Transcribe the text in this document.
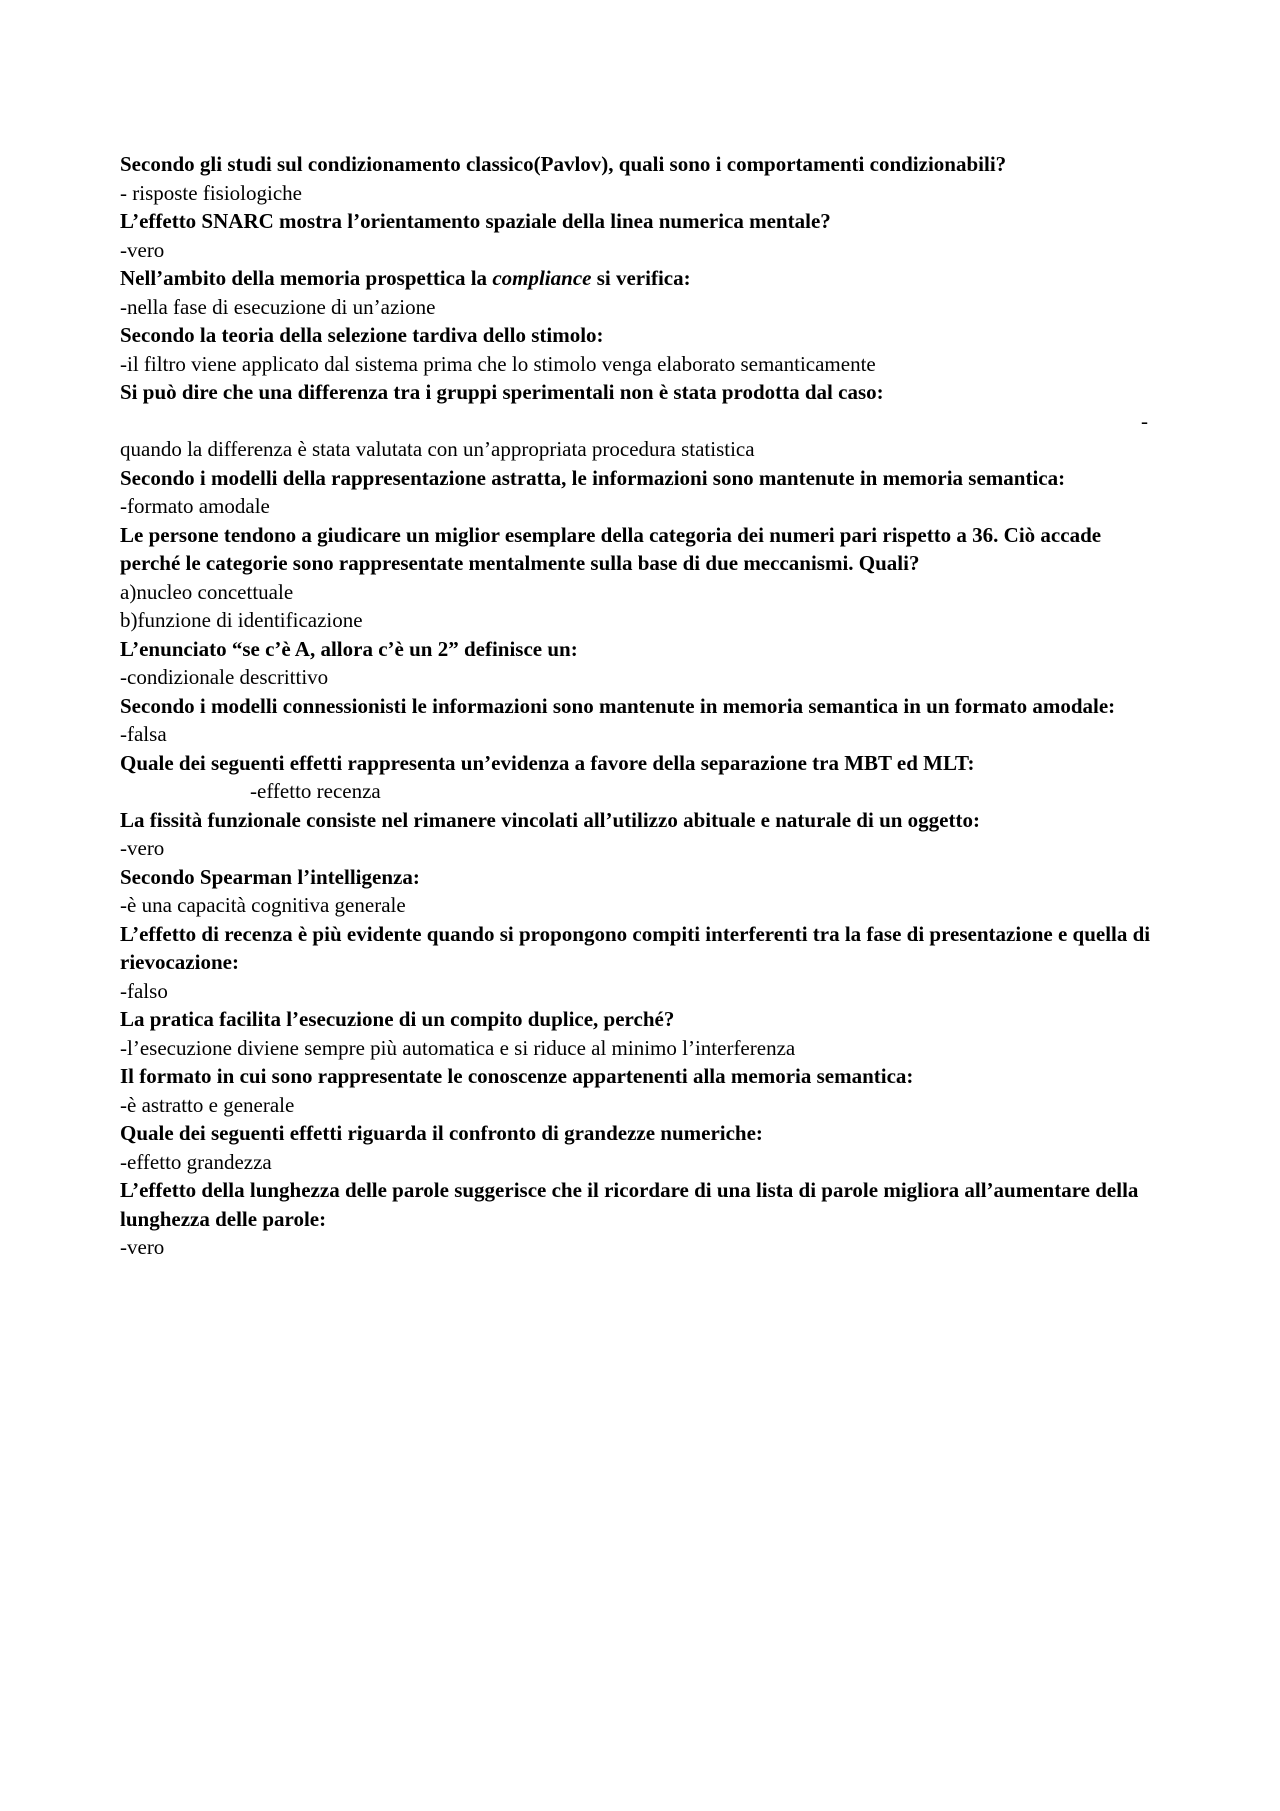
Secondo gli studi sul condizionamento classico(Pavlov), quali sono i comportamenti condizionabili?

- risposte fisiologiche

L’effetto SNARC mostra l’orientamento spaziale della linea numerica mentale?

-vero

Nell’ambito della memoria prospettica la compliance si verifica:

-nella fase di esecuzione di un’azione

Secondo la teoria della selezione tardiva dello stimolo:

-il filtro viene applicato dal sistema prima che lo stimolo venga elaborato semanticamente

Si può dire che una differenza tra i gruppi sperimentali non è stata prodotta dal caso:

-

quando la differenza è stata valutata con un’appropriata procedura statistica

Secondo i modelli della rappresentazione astratta, le informazioni sono mantenute in memoria semantica:

-formato amodale

Le persone tendono a giudicare un miglior esemplare della categoria dei numeri pari rispetto a 36. Ciò accade perché le categorie sono rappresentate mentalmente sulla base di due meccanismi. Quali?

a)nucleo concettuale

b)funzione di identificazione

L’enunciato “se c’è A, allora c’è un 2” definisce un:

-condizionale descrittivo

Secondo i modelli connessionisti le informazioni sono mantenute in memoria semantica in un formato amodale:

-falsa

Quale dei seguenti effetti rappresenta un’evidenza a favore della separazione tra MBT ed MLT:

-effetto recenza

La fissità funzionale consiste nel rimanere vincolati all’utilizzo abituale e naturale di un oggetto:

-vero

Secondo Spearman l’intelligenza:

-è una capacità cognitiva generale

L’effetto di recenza è più evidente quando si propongono compiti interferenti tra la fase di presentazione e quella di rievocazione:

-falso

La pratica facilita l’esecuzione di un compito duplice, perché?

-l’esecuzione diviene sempre più automatica e si riduce al minimo l’interferenza

Il formato in cui sono rappresentate le conoscenze appartenenti alla memoria semantica:

-è astratto e generale

Quale dei seguenti effetti riguarda il confronto di grandezze numeriche:

-effetto grandezza

L’effetto della lunghezza delle parole suggerisce che il ricordare di una lista di parole migliora all’aumentare della lunghezza delle parole:

-vero
